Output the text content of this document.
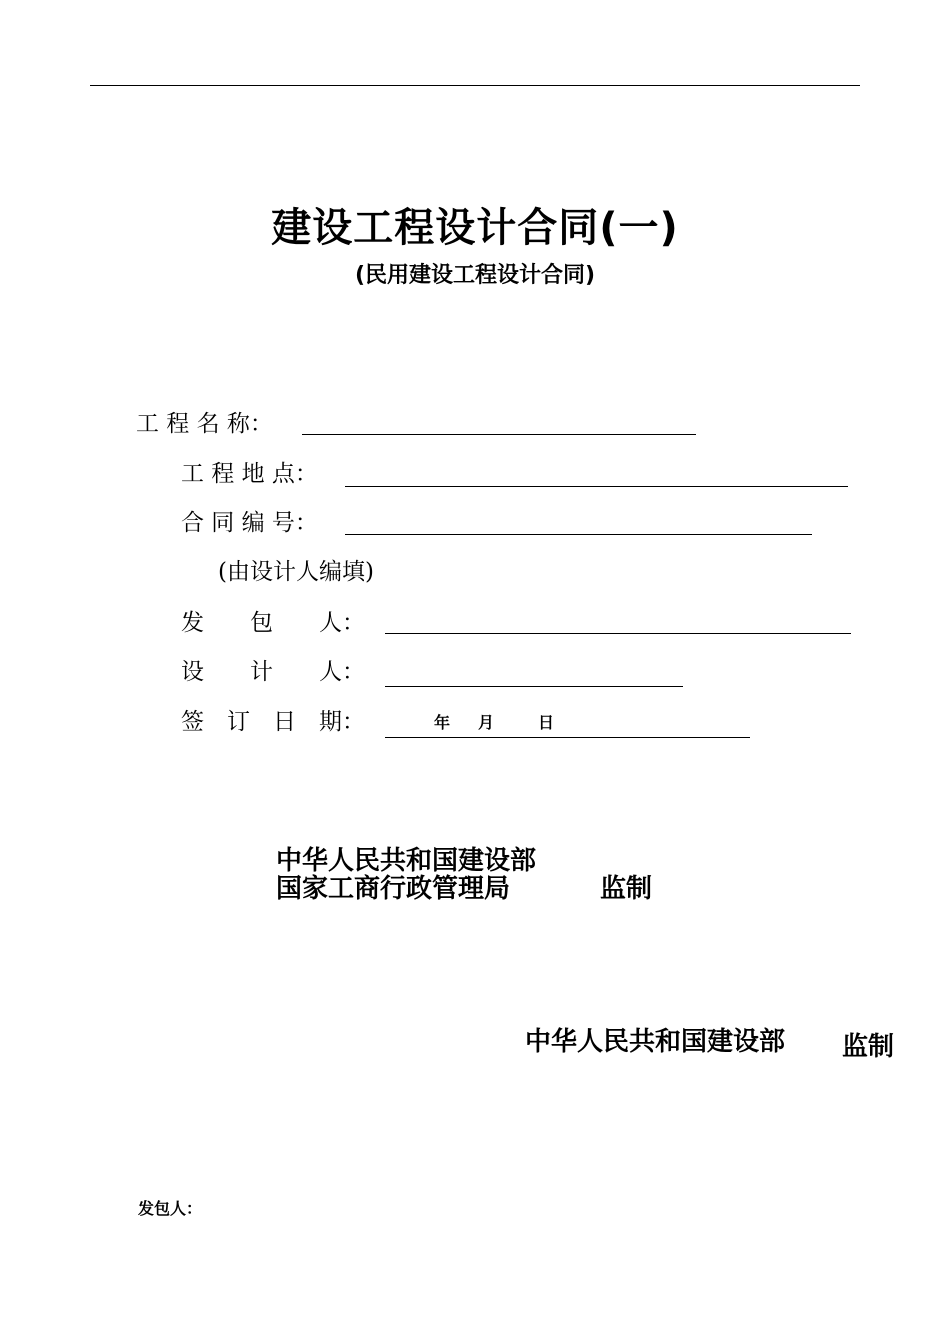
建设工程设计合同(一)
(民用建设工程设计合同)
工 程 名 称：
工 程 地 点：
合 同 编 号：
(由设计人编填)
发　　包　　人：
设　　计　　人：
签　订　日　期：	年 月	日
中华人民共和国建设部
国家工商行政管理局	监制
中华人民共和国建设部 监制
发包人：
